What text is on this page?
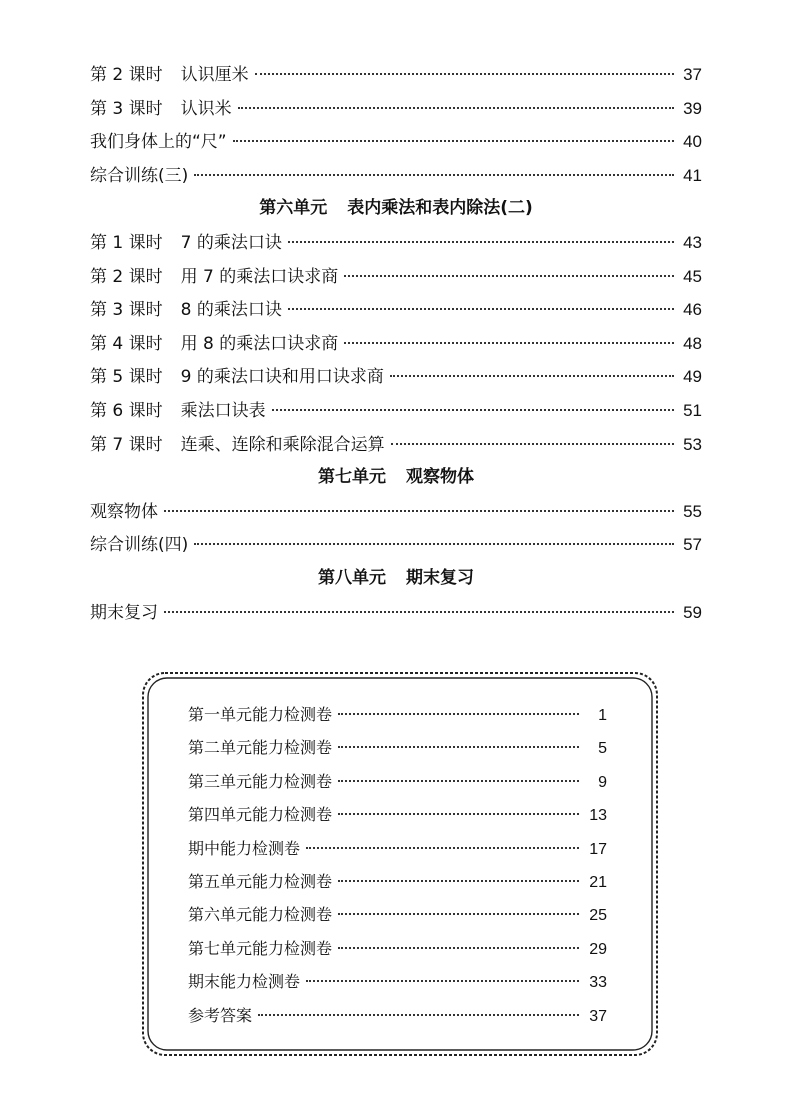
第 2 课时 认识厘米	37
第 3 课时 认识米	39
我们身体上的“尺”	40
综合训练(三)	41
第六单元 表内乘法和表内除法(二)
第 1 课时 7 的乘法口诀	43
第 2 课时 用 7 的乘法口诀求商	45
第 3 课时 8 的乘法口诀	46
第 4 课时 用 8 的乘法口诀求商	48
第 5 课时 9 的乘法口诀和用口诀求商	49
第 6 课时 乘法口诀表	51
第 7 课时 连乘、连除和乘除混合运算	53
第七单元 观察物体
观察物体	55
综合训练(四)	57
第八单元 期末复习
期末复习	59
第一单元能力检测卷	1
第二单元能力检测卷	5
第三单元能力检测卷	9
第四单元能力检测卷	13
期中能力检测卷	17
第五单元能力检测卷	21
第六单元能力检测卷	25
第七单元能力检测卷	29
期末能力检测卷	33
参考答案	37
